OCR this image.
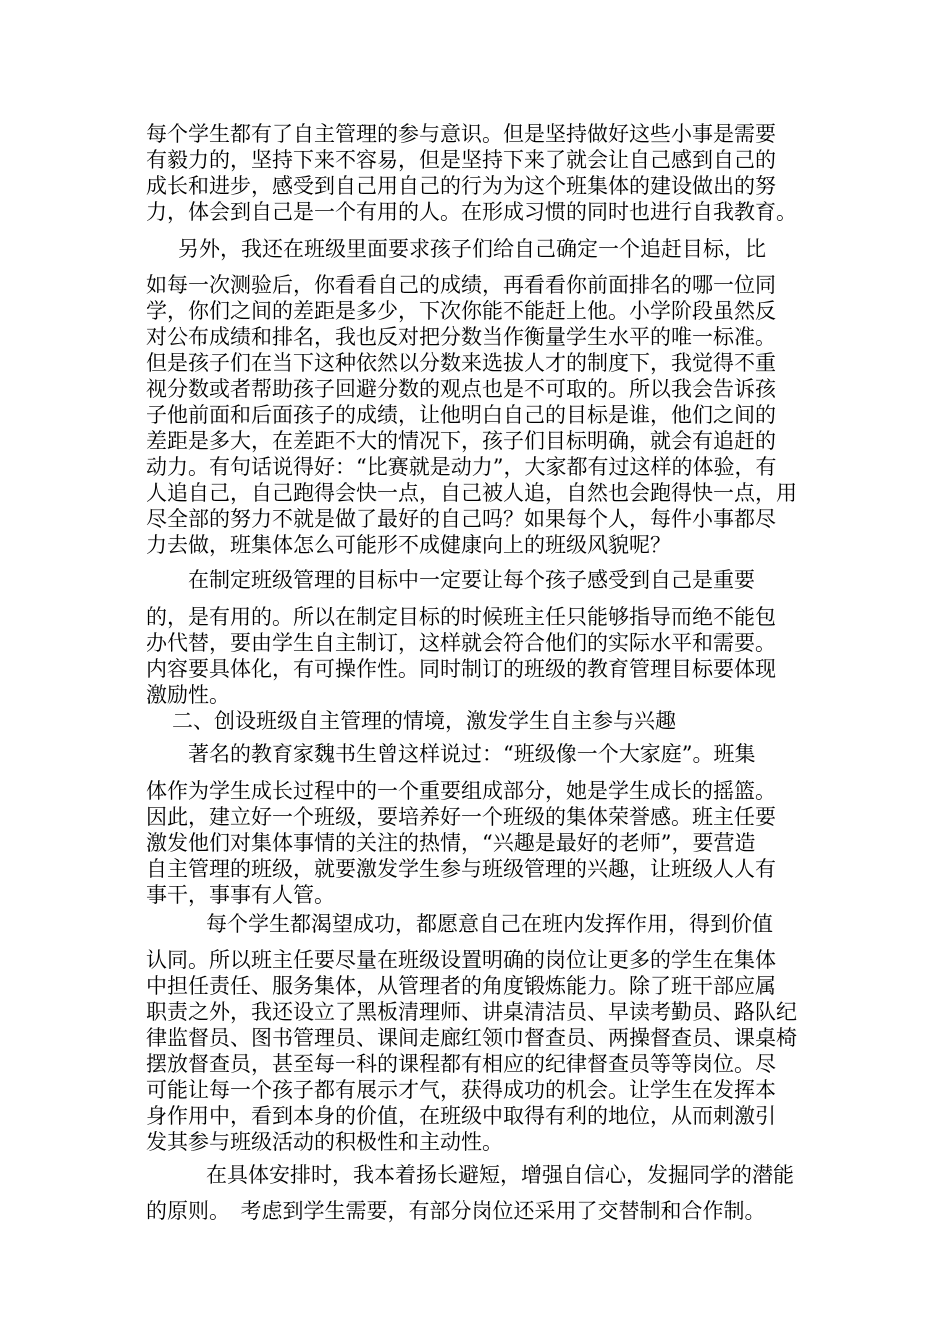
每个学生都有了自主管理的参与意识。但是坚持做好这些小事是需要
有毅力的，坚持下来不容易，但是坚持下来了就会让自己感到自己的
成长和进步，感受到自己用自己的行为为这个班集体的建设做出的努
力，体会到自己是一个有用的人。在形成习惯的同时也进行自我教育。
另外，我还在班级里面要求孩子们给自己确定一个追赶目标，比
如每一次测验后，你看看自己的成绩，再看看你前面排名的哪一位同
学，你们之间的差距是多少，下次你能不能赶上他。小学阶段虽然反
对公布成绩和排名，我也反对把分数当作衡量学生水平的唯一标准。
但是孩子们在当下这种依然以分数来选拔人才的制度下，我觉得不重
视分数或者帮助孩子回避分数的观点也是不可取的。所以我会告诉孩
子他前面和后面孩子的成绩，让他明白自己的目标是谁，他们之间的
差距是多大，在差距不大的情况下，孩子们目标明确，就会有追赶的
动力。有句话说得好：“比赛就是动力”，大家都有过这样的体验，有
人追自己，自己跑得会快一点，自己被人追，自然也会跑得快一点，用
尽全部的努力不就是做了最好的自己吗？如果每个人，每件小事都尽
力去做，班集体怎么可能形不成健康向上的班级风貌呢？
在制定班级管理的目标中一定要让每个孩子感受到自己是重要
的，是有用的。所以在制定目标的时候班主任只能够指导而绝不能包
办代替，要由学生自主制订，这样就会符合他们的实际水平和需要。
内容要具体化，有可操作性。同时制订的班级的教育管理目标要体现
激励性。
二、创设班级自主管理的情境，激发学生自主参与兴趣
著名的教育家魏书生曾这样说过：“班级像一个大家庭”。班集
体作为学生成长过程中的一个重要组成部分，她是学生成长的摇篮。
因此，建立好一个班级，要培养好一个班级的集体荣誉感。班主任要
激发他们对集体事情的关注的热情，“兴趣是最好的老师”，要营造
自主管理的班级，就要激发学生参与班级管理的兴趣，让班级人人有
事干，事事有人管。
每个学生都渴望成功，都愿意自己在班内发挥作用，得到价值
认同。所以班主任要尽量在班级设置明确的岗位让更多的学生在集体
中担任责任、服务集体，从管理者的角度锻炼能力。除了班干部应属
职责之外，我还设立了黑板清理师、讲桌清洁员、早读考勤员、路队纪
律监督员、图书管理员、课间走廊红领巾督查员、两操督查员、课桌椅
摆放督查员，甚至每一科的课程都有相应的纪律督查员等等岗位。尽
可能让每一个孩子都有展示才气，获得成功的机会。让学生在发挥本
身作用中，看到本身的价值，在班级中取得有利的地位，从而刺激引
发其参与班级活动的积极性和主动性。
在具体安排时，我本着扬长避短，增强自信心，发掘同学的潜能
的原则。　考虑到学生需要，有部分岗位还采用了交替制和合作制。
